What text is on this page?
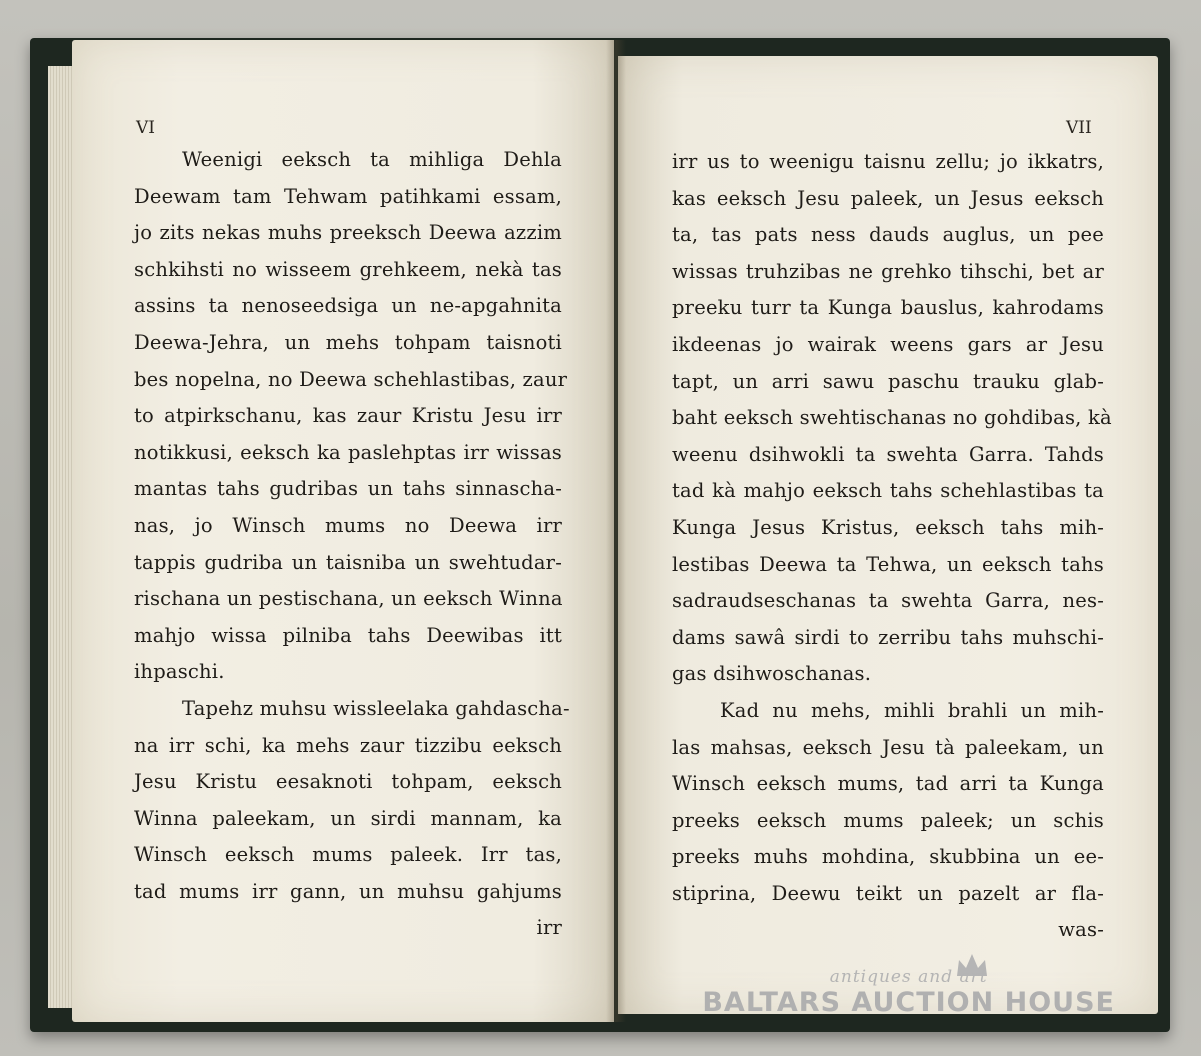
VI
Weenigi eeksch ta mihliga Dehla
Deewam tam Tehwam patihkami essam,
jo zits nekas muhs preeksch Deewa azzim
schkihsti no wisseem grehkeem, nekà tas
assins ta nenoseedsiga un ne-apgahnita
Deewa-Jehra, un mehs tohpam taisnoti
bes nopelna, no Deewa schehlastibas, zaur
to atpirkschanu, kas zaur Kristu Jesu irr
notikkusi, eeksch ka paslehptas irr wissas
mantas tahs gudribas un tahs sinnaschа-
nas, jo Winsch mums no Deewa irr
tappis gudriba un taisniba un swehtudar-
rischana un pestischana, un eeksch Winna
mahjo wissa pilniba tahs Deewibas itt
ihpaschi.
Tapehz muhsu wissleelaka gahdascha-
na irr schi, ka mehs zaur tizzibu eeksch
Jesu Kristu eesaknoti tohpam, eeksch
Winna paleekam, un sirdi mannam, ka
Winsch eeksch mums paleek. Irr tas,
tad mums irr gann, un muhsu gahjums
irr
VII
irr us to weenigu taisnu zellu; jo ikkatrs,
kas eeksch Jesu paleek, un Jesus eeksch
ta, tas pats ness dauds auglus, un pee
wissas truhzibas ne grehko tihschi, bet ar
preeku turr ta Kunga bauslus, kahrodams
ikdeenas jo wairak weens gars ar Jesu
tapt, un arri sawu paschu trauku glab-
baht eeksch swehtischanas no gohdibas, kà
weenu dsihwokli ta swehta Garra. Tahds
tad kà mahjo eeksch tahs schehlastibas ta
Kunga Jesus Kristus, eeksch tahs mih-
lestibas Deewa ta Tehwa, un eeksch tahs
sadraudseschanas ta swehta Garra, nes-
dams sawâ sirdi to zerribu tahs muhschi-
gas dsihwoschanas.
Kad nu mehs, mihli brahli un mih-
las mahsas, eeksch Jesu tà paleekam, un
Winsch eeksch mums, tad arri ta Kunga
preeks eeksch mums paleek; un schis
preeks muhs mohdina, skubbina un ee-
stiprina, Deewu teikt un pazelt ar fla-
was-
antiques and art
BALTARS AUCTION HOUSE
